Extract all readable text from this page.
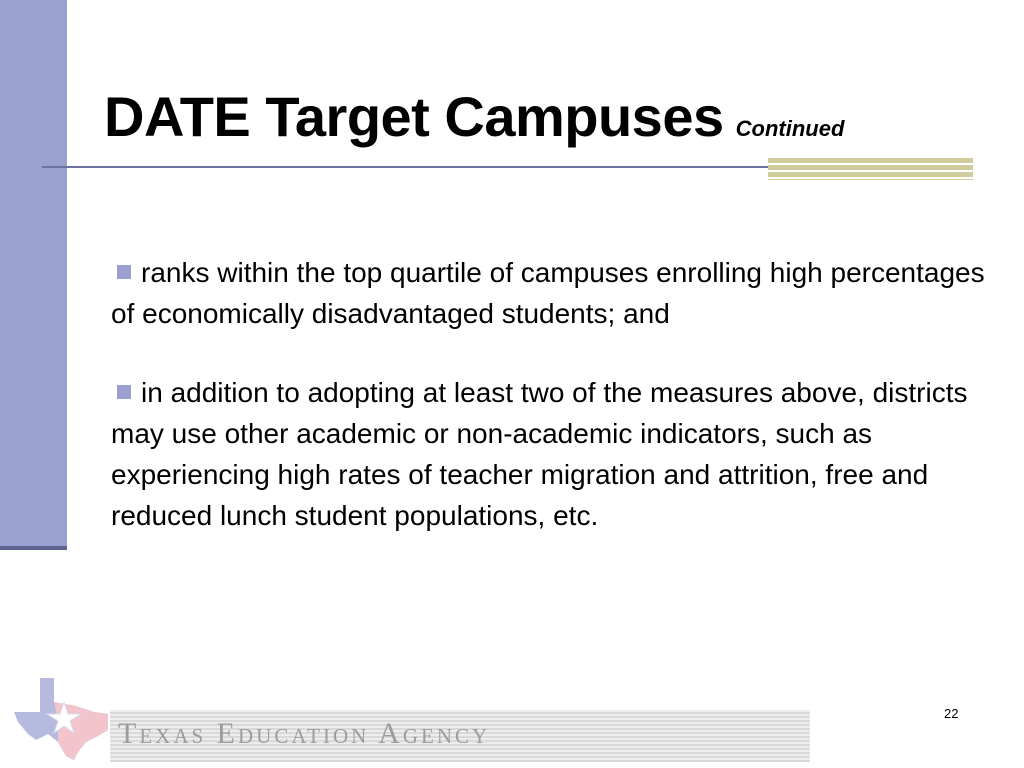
DATE Target Campuses Continued
ranks within the top quartile of campuses enrolling high percentages of economically disadvantaged students; and
in addition to adopting at least two of the measures above, districts may use other academic or non-academic indicators, such as experiencing high rates of teacher migration and attrition, free and reduced lunch student populations, etc.
Texas Education Agency
22
